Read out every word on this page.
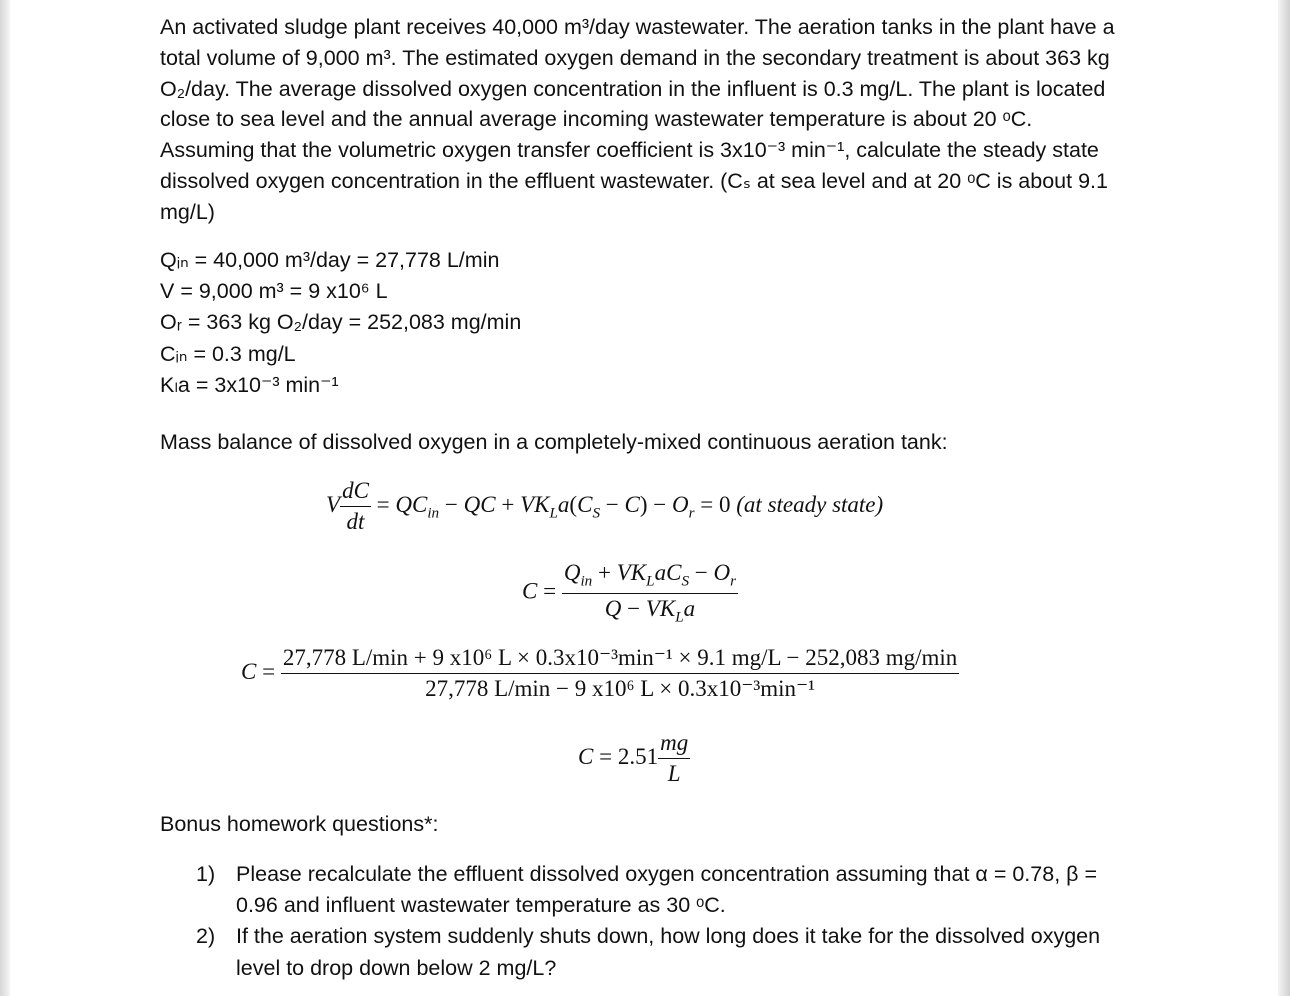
An activated sludge plant receives 40,000 m³/day wastewater. The aeration tanks in the plant have a

total volume of 9,000 m³. The estimated oxygen demand in the secondary treatment is about 363 kg

O₂/day. The average dissolved oxygen concentration in the influent is 0.3 mg/L. The plant is located

close to sea level and the annual average incoming wastewater temperature is about 20 ᵒC.

Assuming that the volumetric oxygen transfer coefficient is 3x10⁻³ min⁻¹, calculate the steady state

dissolved oxygen concentration in the effluent wastewater. (Cₛ at sea level and at 20 ᵒC is about 9.1

mg/L)

Qᵢₙ = 40,000 m³/day = 27,778 L/min
V = 9,000 m³ = 9 x10⁶ L
Oᵣ = 363 kg O₂/day = 252,083 mg/min
Cᵢₙ = 0.3 mg/L
Kₗa = 3x10⁻³ min⁻¹
Mass balance of dissolved oxygen in a completely-mixed continuous aeration tank:
V $\frac{dC}{dt} = QC_{in}$ − QC + $VK_La(C_S - C) - O_r = 0$ (at steady state)
$C = \frac{Q_{in} + VK_LaC_S - O_r}{Q - VK_La}$
C =
27,778 L/min + 9 x10⁶ L × 0.3x10⁻³min⁻¹ × 9.1 mg/L − 252,083 mg/min
27,778 L/min − 9 x10⁶ L × 0.3x10⁻³min⁻¹
$C = 2.51 \frac{mg}{L}$
Bonus homework questions*:
1) Please recalculate the effluent dissolved oxygen concentration assuming that α = 0.78, β = 0.96 and influent wastewater temperature as 30 ᵒC.
2) If the aeration system suddenly shuts down, how long does it take for the dissolved oxygen level to drop down below 2 mg/L?
